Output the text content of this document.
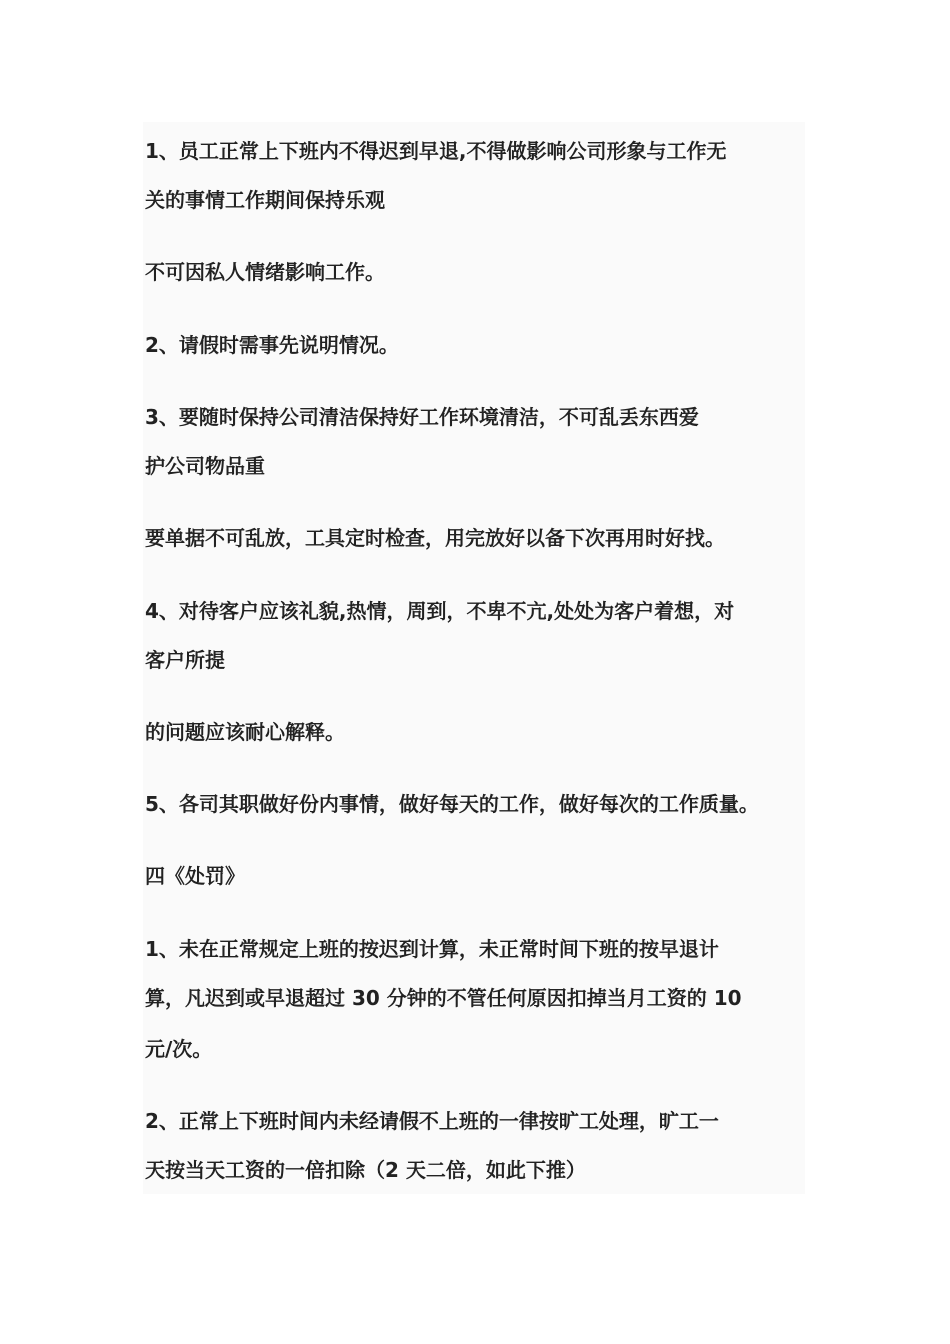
1、员工正常上下班内不得迟到早退,不得做影响公司形象与工作无

关的事情工作期间保持乐观

不可因私人情绪影响工作。

2、请假时需事先说明情况。

3、要随时保持公司清洁保持好工作环境清洁，不可乱丢东西爱

护公司物品重

要单据不可乱放，工具定时检查，用完放好以备下次再用时好找。

4、对待客户应该礼貌,热情，周到，不卑不亢,处处为客户着想，对

客户所提

的问题应该耐心解释。

5、各司其职做好份内事情，做好每天的工作，做好每次的工作质量。

四《处罚》

1、未在正常规定上班的按迟到计算，未正常时间下班的按早退计

算，凡迟到或早退超过 30 分钟的不管任何原因扣掉当月工资的 10

元/次。

2、正常上下班时间内未经请假不上班的一律按旷工处理，旷工一

天按当天工资的一倍扣除（2 天二倍，如此下推）
